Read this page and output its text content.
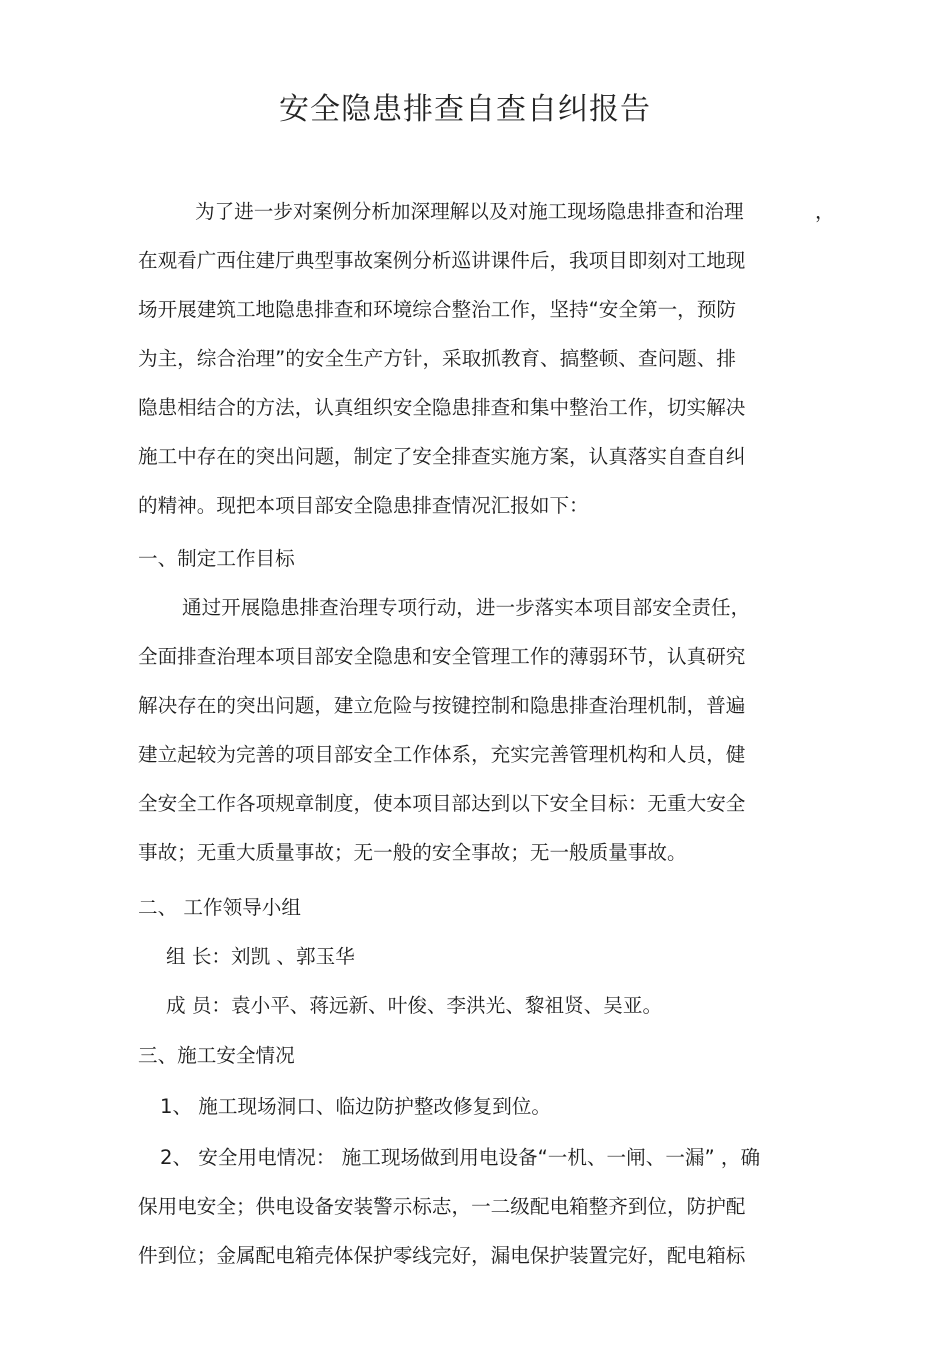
安全隐患排查自查自纠报告
为了进一步对案例分析加深理解以及对施工现场隐患排查和治理	，
在观看广西住建厅典型事故案例分析巡讲课件后，我项目即刻对工地现
场开展建筑工地隐患排查和环境综合整治工作，坚持“安全第一，预防
为主，综合治理”的安全生产方针，采取抓教育、搞整顿、查问题、排
隐患相结合的方法，认真组织安全隐患排查和集中整治工作，切实解决
施工中存在的突出问题，制定了安全排查实施方案，认真落实自查自纠
的精神。现把本项目部安全隐患排查情况汇报如下：
一、制定工作目标
通过开展隐患排查治理专项行动，进一步落实本项目部安全责任，
全面排查治理本项目部安全隐患和安全管理工作的薄弱环节，认真研究
解决存在的突出问题，建立危险与按键控制和隐患排查治理机制，普遍
建立起较为完善的项目部安全工作体系，充实完善管理机构和人员，健
全安全工作各项规章制度，使本项目部达到以下安全目标：无重大安全
事故；无重大质量事故；无一般的安全事故；无一般质量事故。
二、 工作领导小组
组 长：刘凯 、郭玉华
成 员：袁小平、蒋远新、叶俊、李洪光、黎祖贤、吴亚。
三、施工安全情况
1、 施工现场洞口、临边防护整改修复到位。
2、 安全用电情况： 施工现场做到用电设备“一机、一闸、一漏” ，确
保用电安全；供电设备安装警示标志，一二级配电箱整齐到位，防护配
件到位；金属配电箱壳体保护零线完好，漏电保护装置完好，配电箱标
